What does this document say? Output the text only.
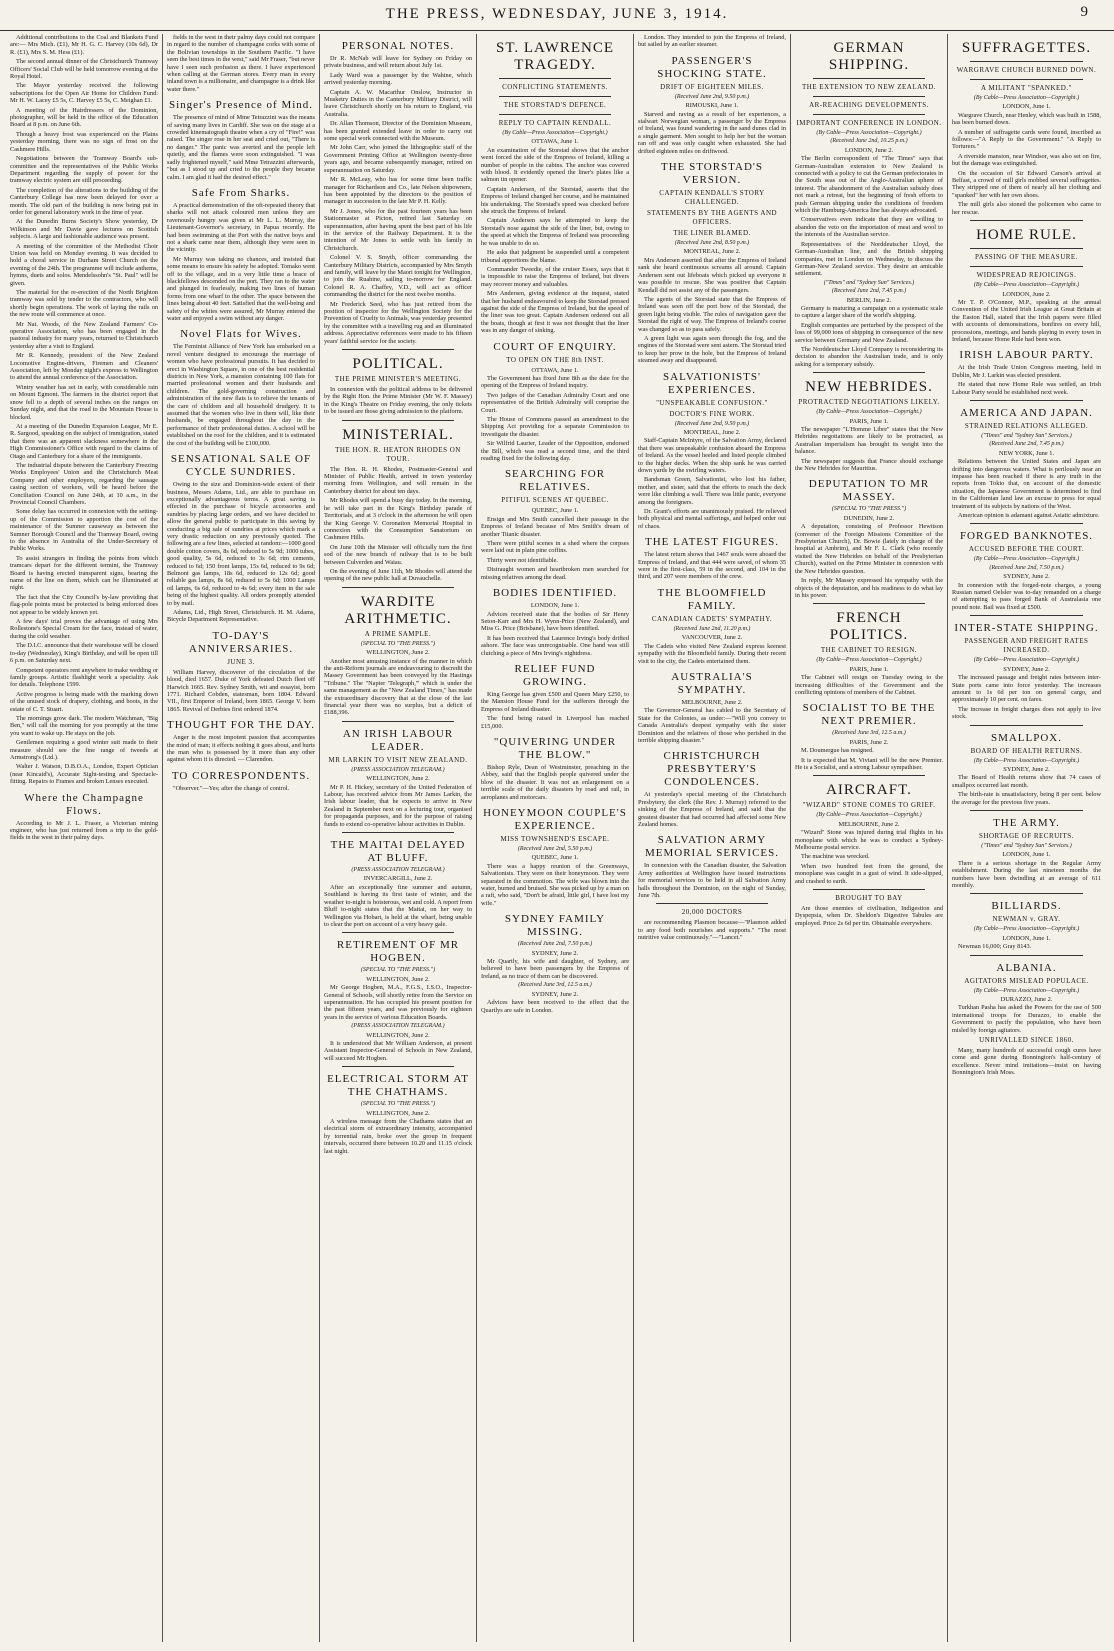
THE PRESS, WEDNESDAY, JUNE 3, 1914.	9

Additional contributions to the Coal and Blankets Fund are:— Mrs Mich. (£1), Mr H. G. C. Harvey (10s 6d), Dr R. (£1), Mrs S. M. Hess (£1).

The second annual dinner of the Christchurch Tramway Officers' Social Club will be held tomorrow evening at the Royal Hotel.

The Mayor yesterday received the following subscriptions for the Open Air Home for Children Fund: Mr H. W. Lacey £5 5s, C. Harvey £5 5s, C. Meighan £1.

A meeting of the Hairdressers of the Dominion, photographer, will be held in the office of the Education Board at 8 p.m. on June 6th.

Though a heavy frost was experienced on the Plains yesterday morning, there was no sign of frost on the Cashmere Hills.

Negotiations between the Tramway Board's sub-committee and the representatives of the Public Works Department regarding the supply of power for the tramway electric system are still proceeding.

The completion of the alterations to the building of the Canterbury College has now been delayed for over a month. The old part of the building is now being put in order for general laboratory work in the time of year.

At the Dunedin Burns Society's Show yesterday, Dr Wilkinson and Mr Davie gave lectures on Scottish subjects. A large and fashionable audience was present.

A meeting of the committee of the Methodist Choir Union was held on Monday evening. It was decided to hold a choral service in Durham Street Church on the evening of the 24th. The programme will include anthems, hymns, duets and solos. Mendelssohn's "St. Paul" will be given.

The material for the re-erection of the North Brighton tramway was sold by tender to the contractors, who will shortly begin operations. The work of laying the rails on the new route will commence at once.

Mr Nat. Woods, of the New Zealand Farmers' Co-operative Association, who has been engaged in the pastoral industry for many years, returned to Christchurch yesterday after a visit to England.

Mr R. Kennedy, president of the New Zealand Locomotive Engine-drivers, Firemen and Cleaners' Association, left by Monday night's express to Wellington to attend the annual conference of the Association.

Wintry weather has set in early, with considerable rain on Mount Egmont. The farmers in the district report that snow fell to a depth of several inches on the ranges on Sunday night, and that the road to the Mountain House is blocked.

At a meeting of the Dunedin Expansion League, Mr E. R. Sargood, speaking on the subject of immigration, stated that there was an apparent slackness somewhere in the High Commissioner's Office with regard to the claims of Otago and Canterbury for a share of the immigrants.

The industrial dispute between the Canterbury Freezing Works Employees' Union and the Christchurch Meat Company and other employers, regarding the sausage casing section of workers, will be heard before the Conciliation Council on June 24th, at 10 a.m., in the Provincial Council Chambers.

Some delay has occurred in connexion with the setting-up of the Commission to apportion the cost of the maintenance of the Sumner causeway as between the Sumner Borough Council and the Tramway Board, owing to the absence in Australia of the Under-Secretary of Public Works.

To assist strangers in finding the points from which tramcars depart for the different termini, the Tramway Board is having erected transparent signs, bearing the name of the line on them, which can be illuminated at night.

The fact that the City Council's by-law providing that flag-pole points must be protected is being enforced does not appear to be widely known yet.

A few days' trial proves the advantage of using Mrs Rollestone's Special Cream for the face, instead of water, during the cold weather.

The D.I.C. announce that their warehouse will be closed to-day (Wednesday), King's Birthday, and will be open till 6 p.m. on Saturday next.

Competent operators rent anywhere to make wedding or family groups. Artistic flashlight work a speciality. Ask for details. Telephone 1599.

Active progress is being made with the marking down of the unused stock of drapery, clothing, and boots, in the estate of C. T. Stuart.

The mornings grow dark. The modern Watchman, "Big Ben," will call the morning for you promptly at the time you want to wake up. He stays on the job.

Gentlemen requiring a good winter suit made to their measure should see the fine range of tweeds at Armstrong's (Ltd.).

Walter J. Watson, D.B.O.A., London, Expert Optician (near Kincaid's), Accurate Sight-testing and Spectacle-fitting. Repairs to Frames and broken Lenses executed.

Where the Champagne Flows.

According to Mr J. L. Fraser, a Victorian mining engineer, who has just returned from a trip to the gold-fields in the west in their palmy days.

fields in the west in their palmy days could not compare in regard to the number of champagne corks with some of the Bolivian townships in the Southern Pacific. "I have seen the best times in the west," said Mr Fraser, "but never have I seen such profusion as there. I have experienced when calling at the German stores. Every man in every inland town is a millionaire, and champagne is a drink like water there."

Singer's Presence of Mind.

The presence of mind of Mme Tetrazzini was the means of saving many lives in Cardiff. She was on the stage at a crowded kinematograph theatre when a cry of "Fire!" was raised. The singer rose in her seat and cried out, "There is no danger." The panic was averted and the people left quietly, and the flames were soon extinguished. "I was sadly frightened myself," said Mme Tetrazzini afterwards, "but as I stood up and cried to the people they became calm. I am glad it had the desired effect."

Safe From Sharks.

A practical demonstration of the oft-repeated theory that sharks will not attack coloured men unless they are ravenously hungry was given at Mr L. L. Murray, the Lieutenant-Governor's secretary, in Papua recently. He had been swimming at the Port with the native boys and not a shark came near them, although they were seen in the vicinity.

Mr Murray was taking no chances, and insisted that some means to ensure his safety be adopted. Tomako went off to the village, and in a very little time a brace of blackfellows descended on the port. They ran to the water and plunged in fearlessly, making two lines of human forms from one wharf to the other. The space between the lines being about 40 feet. Satisfied that the well-being and safety of the whites were assured, Mr Murray entered the water and enjoyed a swim without any danger.

Novel Flats for Wives.

The Feminist Alliance of New York has embarked on a novel venture designed to encourage the marriage of women who have professional pursuits. It has decided to erect in Washington Square, in one of the best residential districts in New York, a mansion containing 100 flats for married professional women and their husbands and children. The gold-governing construction and administration of the new flats is to relieve the tenants of the care of children and all household drudgery. It is assumed that the women who live in them will, like their husbands, be engaged throughout the day in the performance of their professional duties. A school will be established on the roof for the children, and it is estimated the cost of the building will be £100,000.

SENSATIONAL SALE OF CYCLE SUNDRIES.

Owing to the size and Dominion-wide extent of their business, Messrs Adams, Ltd., are able to purchase on exceptionally advantageous terms. A great saving is effected in the purchase of bicycle accessories and sundries by placing large orders, and we have decided to allow the general public to participate in this saving by conducting a big sale of sundries at prices which mark a very drastic reduction on any previously quoted. The following are a few lines, selected at random:—1000 good double cotton covers, 8s 6d, reduced to 5s 9d; 1000 tubes, good quality, 5s 6d, reduced to 3s 6d; rim cements, reduced to 6d; 150 front lamps, 15s 6d, reduced to 9s 6d; Belmont gas lamps, 18s 6d, reduced to 12s 6d; good reliable gas lamps, 8s 6d, reduced to 5s 6d; 1000 Lamps oil lamps, 6s 6d, reduced to 4s 6d; every item in the sale being of the highest quality. All orders promptly attended to by mail.

Adams, Ltd., High Street, Christchurch. H. M. Adams, Bicycle Department Representative.

TO-DAY'S ANNIVERSARIES.
JUNE 3.

William Harvey, discoverer of the circulation of the blood, died 1657. Duke of York defeated Dutch fleet off Harwich 1665. Rev. Sydney Smith, wit and essayist, born 1771. Richard Cobden, statesman, born 1804. Edward VII., first Emperor of Ireland, born 1865. George V. born 1865. Revival of Derbies first ordered 1874.

THOUGHT FOR THE DAY.

Anger is the most impotent passion that accompanies the mind of man; it effects nothing it goes about, and hurts the man who is possessed by it more than any other against whom it is directed. — Clarendon.

TO CORRESPONDENTS.

"Observer."—Yes; after the change of control.

PERSONAL NOTES.

Dr R. McNab will leave for Sydney on Friday on private business, and will return about July 1st.

Lady Ward was a passenger by the Wahine, which arrived yesterday morning.

Captain A. W. Macarthur Onslow, Instructor in Musketry Duties in the Canterbury Military District, will leave Christchurch shortly on his return to England, via Australia.

Dr. Allan Thomson, Director of the Dominion Museum, has been granted extended leave in order to carry out some special work connected with the Museum.

Mr John Carr, who joined the lithographic staff of the Government Printing Office at Wellington twenty-three years ago, and became subsequently manager, retired on superannuation on Saturday.

Mr R. McLeay, who has for some time been traffic manager for Richardson and Co., late Nelson shipowners, has been appointed by the directors to the position of manager in succession to the late Mr P. H. Kelly.

Mr J. Jones, who for the past fourteen years has been Stationmaster at Picton, retired last Saturday on superannuation, after having spent the best part of his life in the service of the Railway Department. It is the intention of Mr Jones to settle with his family in Christchurch.

Colonel V. S. Smyth, officer commanding the Canterbury Military Districts, accompanied by Mrs Smyth and family, will leave by the Maori tonight for Wellington, to join the Ruahine, sailing to-morrow for England. Colonel R. A. Chaffey, V.D., will act as officer commanding the district for the next twelve months.

Mr Frederick Seed, who has just retired from the position of inspector for the Wellington Society for the Prevention of Cruelty to Animals, was yesterday presented by the committee with a travelling rug and an illuminated address. Appreciative references were made to his fifteen years' faithful service for the society.

POLITICAL.
THE PRIME MINISTER'S MEETING.

In connexion with the political address to be delivered by the Right Hon. the Prime Minister (Mr W. F. Massey) in the King's Theatre on Friday evening, the only tickets to be issued are those giving admission to the platform.

MINISTERIAL.
THE HON. R. HEATON RHODES ON TOUR.

The Hon. R. H. Rhodes, Postmaster-General and Minister of Public Health, arrived in town yesterday morning from Wellington, and will remain in the Canterbury district for about ten days.

Mr Rhodes will spend a busy day today. In the morning, he will take part in the King's Birthday parade of Territorials, and at 3 o'clock in the afternoon he will open the King George V. Coronation Memorial Hospital in connexion with the Consumption Sanatorium on Cashmere Hills.

On June 10th the Minister will officially turn the first sod of the new branch of railway that is to be built between Culverden and Waiau.

On the evening of June 11th, Mr Rhodes will attend the opening of the new public hall at Duvauchelle.

WARDITE ARITHMETIC.
A PRIME SAMPLE.
(SPECIAL TO "THE PRESS.")
WELLINGTON, June 2.

Another most amusing instance of the manner in which the anti-Reform journals are endeavouring to discredit the Massey Government has been conveyed by the Hastings "Tribune." The "Napier 'Telegraph,'" which is under the same management as the "New Zealand Times," has made the extraordinary discovery that at the close of the last financial year there was no surplus, but a deficit of £188,396.

AN IRISH LABOUR LEADER.
MR LARKIN TO VISIT NEW ZEALAND.
(PRESS ASSOCIATION TELEGRAM.)
WELLINGTON, June 2.

Mr P. H. Hickey, secretary of the United Federation of Labour, has received advice from Mr James Larkin, the Irish labour leader, that he expects to arrive in New Zealand in September next on a lecturing tour, organised for propaganda purposes, and for the purpose of raising funds to extend co-operative labour activities in Dublin.

THE MAITAI DELAYED AT BLUFF.
(PRESS ASSOCIATION TELEGRAM.)
INVERCARGILL, June 2.

After an exceptionally fine summer and autumn, Southland is having its first taste of winter, and the weather to-night is boisterous, wet and cold. A report from Bluff to-night states that the Maitai, on her way to Wellington via Hobart, is held at the wharf, being unable to clear the port on account of a very heavy gale.

RETIREMENT OF MR HOGBEN.
(SPECIAL TO "THE PRESS.")
WELLINGTON, June 2.

Mr George Hogben, M.A., F.G.S., I.S.O., Inspector-General of Schools, will shortly retire from the Service on superannuation. He has occupied his present position for the past fifteen years, and was previously for eighteen years in the service of various Education Boards.

(PRESS ASSOCIATION TELEGRAM.)
WELLINGTON, June 2.

It is understood that Mr William Anderson, at present Assistant Inspector-General of Schools in New Zealand, will succeed Mr Hogben.

ELECTRICAL STORM AT THE CHATHAMS.
(SPECIAL TO "THE PRESS.")
WELLINGTON, June 2.

A wireless message from the Chathams states that an electrical storm of extraordinary intensity, accompanied by torrential rain, broke over the group in frequent intervals, occurred there between 10.20 and 11.15 o'clock last night.

ST. LAWRENCE TRAGEDY.
CONFLICTING STATEMENTS.
THE STORSTAD'S DEFENCE.
REPLY TO CAPTAIN KENDALL.
(By Cable—Press Association—Copyright.)
OTTAWA, June 1.

An examination of the Storstad shows that the anchor went forced the side of the Empress of Ireland, killing a number of people in the cabins. The anchor was covered with blood. It evidently opened the liner's plates like a salmon tin opener.

Captain Andersen, of the Storstad, asserts that the Empress of Ireland changed her course, and he maintained his undertaking. The Storstad's speed was checked before she struck the Empress of Ireland.

Captain Andersen says he attempted to keep the Storstad's nose against the side of the liner, but, owing to the speed at which the Empress of Ireland was proceeding he was unable to do so.

He asks that judgment be suspended until a competent tribunal apportions the blame.

Commander Tweedie, of the cruiser Essex, says that it is impossible to raise the Empress of Ireland, but divers may recover money and valuables.

Mrs Andersen, giving evidence at the inquest, stated that her husband endeavoured to keep the Storstad pressed against the side of the Empress of Ireland, but the speed of the liner was too great. Captain Andersen ordered out all the boats, though at first it was not thought that the liner was in any danger of sinking.

COURT OF ENQUIRY.
TO OPEN ON THE 8th INST.
OTTAWA, June 1.

The Government has fixed June 8th as the date for the opening of the Empress of Ireland inquiry.

Two judges of the Canadian Admiralty Court and one representative of the British Admiralty will comprise the Court.

The House of Commons passed an amendment to the Shipping Act providing for a separate Commission to investigate the disaster.

Sir Wilfrid Laurier, Leader of the Opposition, endorsed the Bill, which was read a second time, and the third reading fixed for the following day.

SEARCHING FOR RELATIVES.
PITIFUL SCENES AT QUEBEC.
QUEBEC, June 1.

Ensign and Mrs Smith cancelled their passage in the Empress of Ireland because of Mrs Smith's dream of another Titanic disaster.

There were pitiful scenes in a shed where the corpses were laid out in plain pine coffins.

Thirty were not identifiable.

Distraught women and heartbroken men searched for missing relatives among the dead.

BODIES IDENTIFIED.
LONDON, June 1.

Advices received state that the bodies of Sir Henry Seton-Karr and Mrs H. Wynn-Price (New Zealand), and Miss G. Price (Brisbane), have been identified.

It has been received that Laurence Irving's body drifted ashore. The face was unrecognisable. One hand was still clutching a piece of Mrs Irving's nightdress.

RELIEF FUND GROWING.

King George has given £500 and Queen Mary £250, to the Mansion House Fund for the sufferers through the Empress of Ireland disaster.

The fund being raised in Liverpool has reached £15,000.

"QUIVERING UNDER THE BLOW."

Bishop Ryle, Dean of Westminster, preaching in the Abbey, said that the English people quivered under the blow of the disaster. It was not an enlargement on a terrible scale of the daily disasters by road and rail, in aeroplanes and motorcars.

HONEYMOON COUPLE'S EXPERIENCE.
MISS TOWNSHEND'S ESCAPE.
(Received June 2nd, 5.50 p.m.)
QUEBEC, June 1.

There was a happy reunion of the Greenways, Salvationists. They were on their honeymoon. They were separated in the commotion. The wife was blown into the water, burned and bruised. She was picked up by a man on a raft, who said, "Don't be afraid, little girl, I have lost my wife."

SYDNEY FAMILY MISSING.
(Received June 2nd, 7.50 p.m.)
SYDNEY, June 2.

Mr Quartly, his wife and daughter, of Sydney, are believed to have been passengers by the Empress of Ireland, as no trace of them can be discovered.

(Received June 3rd, 12.5 a.m.)
SYDNEY, June 2.

Advices have been received to the effect that the Quartlys are safe in London.

London. They intended to join the Empress of Ireland, but sailed by an earlier steamer.

PASSENGER'S SHOCKING STATE.
DRIFT OF EIGHTEEN MILES.
(Received June 2nd, 9.50 p.m.)
RIMOUSKI, June 1.

Starved and raving as a result of her experiences, a stalwart Norwegian woman, a passenger by the Empress of Ireland, was found wandering in the sand dunes clad in a single garment. Men sought to help her but the woman ran off and was only caught when exhausted. She had drifted eighteen miles on driftwood.

THE STORSTAD'S VERSION.
CAPTAIN KENDALL'S STORY CHALLENGED.
STATEMENTS BY THE AGENTS AND OFFICERS.
THE LINER BLAMED.
(Received June 2nd, 8.50 p.m.)
MONTREAL, June 2.

Mrs Andersen asserted that after the Empress of Ireland sank she heard continuous screams all around. Captain Andersen sent out lifeboats which picked up everyone it was possible to rescue. She was positive that Captain Kendall did not assist any of the passengers.

The agents of the Storstad state that the Empress of Ireland was seen off the port bow of the Storstad, the green light being visible. The rules of navigation gave the Storstad the right of way. The Empress of Ireland's course was changed so as to pass safely.

A green light was again seen through the fog, and the engines of the Storstad were sent astern. The Storstad tried to keep her prow in the hole, but the Empress of Ireland steamed away and disappeared.

SALVATIONISTS' EXPERIENCES.
"UNSPEAKABLE CONFUSION."
DOCTOR'S FINE WORK.
(Received June 2nd, 9.50 p.m.)
MONTREAL, June 2.

Staff-Captain McIntyre, of the Salvation Army, declared that there was unspeakable confusion aboard the Empress of Ireland. As the vessel heeled and listed people climbed to the higher decks. When the ship sank he was carried down yards by the swirling waters.

Bandsman Green, Salvationist, who lost his father, mother, and sister, said that the efforts to reach the deck were like climbing a wall. There was little panic, everyone among the foreigners.

Dr. Grant's efforts are unanimously praised. He relieved both physical and mental sufferings, and helped order out of chaos.

THE LATEST FIGURES.

The latest return shows that 1467 souls were aboard the Empress of Ireland, and that 444 were saved, of whom 35 were in the first-class, 59 in the second, and 104 in the third, and 207 were members of the crew.

THE BLOOMFIELD FAMILY.
CANADIAN CADETS' SYMPATHY.
(Received June 2nd, 11.20 p.m.)
VANCOUVER, June 2.

The Cadets who visited New Zealand express keenest sympathy with the Bloomfield family. During their recent visit to the city, the Cadets entertained them.

AUSTRALIA'S SYMPATHY.
MELBOURNE, June 2.

The Governor-General has cabled to the Secretary of State for the Colonies, as under:—"Will you convey to Canada Australia's deepest sympathy with the sister Dominion and the relatives of those who perished in the terrible shipping disaster."

CHRISTCHURCH PRESBYTERY'S CONDOLENCES.

At yesterday's special meeting of the Christchurch Presbytery, the clerk (the Rev. J. Murray) referred to the sinking of the Empress of Ireland, and said that the greatest disaster that had occurred had affected some New Zealand homes.

SALVATION ARMY MEMORIAL SERVICES.

In connexion with the Canadian disaster, the Salvation Army authorities at Wellington have issued instructions for memorial services to be held in all Salvation Army halls throughout the Dominion, on the night of Sunday, June 7th.

20,000 DOCTORS

are recommending Plasmon because—"Plasmon added to any food both nourishes and supports." "The most nutritive value continuously."—"Lancet."

GERMAN SHIPPING.
THE EXTENSION TO NEW ZEALAND.
AR-REACHING DEVELOPMENTS.
IMPORTANT CONFERENCE IN LONDON.
(By Cable—Press Association—Copyright.)
(Received June 2nd, 10.25 p.m.)
LONDON, June 2.

The Berlin correspondent of "The Times" says that German-Australian extension to New Zealand is connected with a policy to cut the German prefectorates in the South seas out of the Anglo-Australian sphere of interest. The abandonment of the Australian subsidy does not mark a retreat, but the beginning of fresh efforts to push German shipping under the conditions of freedom which the Hamburg-America line has always advocated.

Conservatives even indicate that they are willing to abandon the veto on the importation of meat and wool to the interests of the Australian service.

Representatives of the Norddeutscher Lloyd, the German-Australian line, and the British shipping companies, met in London on Wednesday, to discuss the German-New Zealand service. They desire an amicable settlement.

("Times" and "Sydney Sun" Services.)
(Received June 2nd, 7.45 p.m.)
BERLIN, June 2.

Germany is maturing a campaign on a systematic scale to capture a larger share of the world's shipping.

English companies are perturbed by the prospect of the loss of 99,000 tons of shipping in consequence of the new service between Germany and New Zealand.

The Norddeutscher Lloyd Company is reconsidering its decision to abandon the Australian trade, and is only asking for a temporary subsidy.

NEW HEBRIDES.
PROTRACTED NEGOTIATIONS LIKELY.
(By Cable—Press Association—Copyright.)
PARIS, June 1.

The newspaper "L'Homme Libre" states that the New Hebrides negotiations are likely to be protracted, as Australian imperialism has brought its weight into the balance.

The newspaper suggests that France should exchange the New Hebrides for Mauritius.

DEPUTATION TO MR MASSEY.
(SPECIAL TO "THE PRESS.")
DUNEDIN, June 2.

A deputation, consisting of Professor Hewitson (convener of the Foreign Missions Committee of the Presbyterian Church), Dr. Bowie (lately in charge of the hospital at Ambrim), and Mr F. L. Clark (who recently visited the New Hebrides on behalf of the Presbyterian Church), waited on the Prime Minister in connexion with the New Hebrides question.

In reply, Mr Massey expressed his sympathy with the objects of the deputation, and his readiness to do what lay in his power.

FRENCH POLITICS.
THE CABINET TO RESIGN.
(By Cable—Press Association—Copyright.)
PARIS, June 1.

The Cabinet will resign on Tuesday owing to the increasing difficulties of the Government and the conflicting opinions of members of the Cabinet.

SOCIALIST TO BE THE NEXT PREMIER.
(Received June 3rd, 12.5 a.m.)
PARIS, June 2.

M. Doumergue has resigned.

It is expected that M. Viviani will be the new Premier. He is a Socialist, and a strong Labour sympathiser.

AIRCRAFT.
"WIZARD" STONE COMES TO GRIEF.
(By Cable—Press Association—Copyright.)
MELBOURNE, June 2.

"Wizard" Stone was injured during trial flights in his monoplane with which he was to conduct a Sydney-Melbourne postal service.

The machine was wrecked.

When two hundred feet from the ground, the monoplane was caught in a gust of wind. It side-slipped, and crashed to earth.

BROUGHT TO BAY

Are those enemies of civilisation, Indigestion and Dyspepsia, when Dr. Sheldon's Digestive Tabules are employed. Price 2s 6d per tin. Obtainable everywhere.

SUFFRAGETTES.
WARGRAVE CHURCH BURNED DOWN.
A MILITANT "SPANKED."
(By Cable—Press Association—Copyright.)
LONDON, June 1.

Wargrave Church, near Henley, which was built in 1588, has been burned down.

A number of suffragette cards were found, inscribed as follows:—"A Reply to the Government." "A Reply to Torturers."

A riverside mansion, near Windsor, was also set on fire, but the damage was extinguished.

On the occasion of Sir Edward Carson's arrival at Belfast, a crowd of mill girls mobbed several suffragettes. They stripped one of them of nearly all her clothing and "spanked" her with her own shoes.

The mill girls also stoned the policemen who came to her rescue.

HOME RULE.
PASSING OF THE MEASURE.
WIDESPREAD REJOICINGS.
(By Cable—Press Association—Copyright.)
LONDON, June 2.

Mr T. P. O'Connor, M.P., speaking at the annual Convention of the United Irish League at Great Britain at the Easton Hall, stated that the Irish papers were filled with accounts of demonstrations, bonfires on every hill, processions, meetings, and bands playing in every town in Ireland, because Home Rule had been won.

IRISH LABOUR PARTY.

At the Irish Trade Union Congress meeting, held in Dublin, Mr J. Larkin was elected president.

He stated that now Home Rule was settled, an Irish Labour Party would be established next week.

AMERICA AND JAPAN.
STRAINED RELATIONS ALLEGED.
("Times" and "Sydney Sun" Services.)
(Received June 2nd, 7.45 p.m.)
NEW YORK, June 1.

Relations between the United States and Japan are drifting into dangerous waters. What is perilously near an impasse has been reached if there is any truth in the reports from Tokio that, on account of the domestic situation, the Japanese Government is determined to find in the Californian land law an excuse to press for equal treatment of its subjects by nations of the West.

American opinion is adamant against Asiatic admixture.

FORGED BANKNOTES.
ACCUSED BEFORE THE COURT.
(By Cable—Press Association—Copyright.)
(Received June 2nd, 7.50 p.m.)
SYDNEY, June 2.

In connexion with the forged-note charges, a young Russian named Oelsler was to-day remanded on a charge of attempting to pass forged Bank of Australasia one pound note. Bail was fixed at £500.

INTER-STATE SHIPPING.
PASSENGER AND FREIGHT RATES INCREASED.
(By Cable—Press Association—Copyright.)
SYDNEY, June 2.

The increased passage and freight rates between inter-State ports came into force yesterday. The increases amount to 1s 6d per ton on general cargo, and approximately 10 per cent. on fares.

The increase in freight charges does not apply to live stock.

SMALLPOX.
BOARD OF HEALTH RETURNS.
(By Cable—Press Association—Copyright.)
SYDNEY, June 2.

The Board of Health returns show that 74 cases of smallpox occurred last month.

The birth-rate is unsatisfactory, being 8 per cent. below the average for the previous five years.

THE ARMY.
SHORTAGE OF RECRUITS.
("Times" and "Sydney Sun" Services.)
LONDON, June 1.

There is a serious shortage in the Regular Army establishment. During the last nineteen months the numbers have been dwindling at an average of 611 monthly.

BILLIARDS.
NEWMAN v. GRAY.
(By Cable—Press Association—Copyright.)
LONDON, June 1.

Newman 16,000; Gray 8143.

ALBANIA.
AGITATORS MISLEAD POPULACE.
(By Cable—Press Association—Copyright.)
DURAZZO, June 2.

Turkhan Pasha has asked the Powers for the use of 500 international troops for Durazzo, to enable the Government to pacify the population, who have been misled by foreign agitators.

UNRIVALLED SINCE 1860.

Many, many hundreds of successful cough cures have come and gone during Bonnington's half-century of excellence. Never mind imitations—insist on having Bonnington's Irish Moss.
